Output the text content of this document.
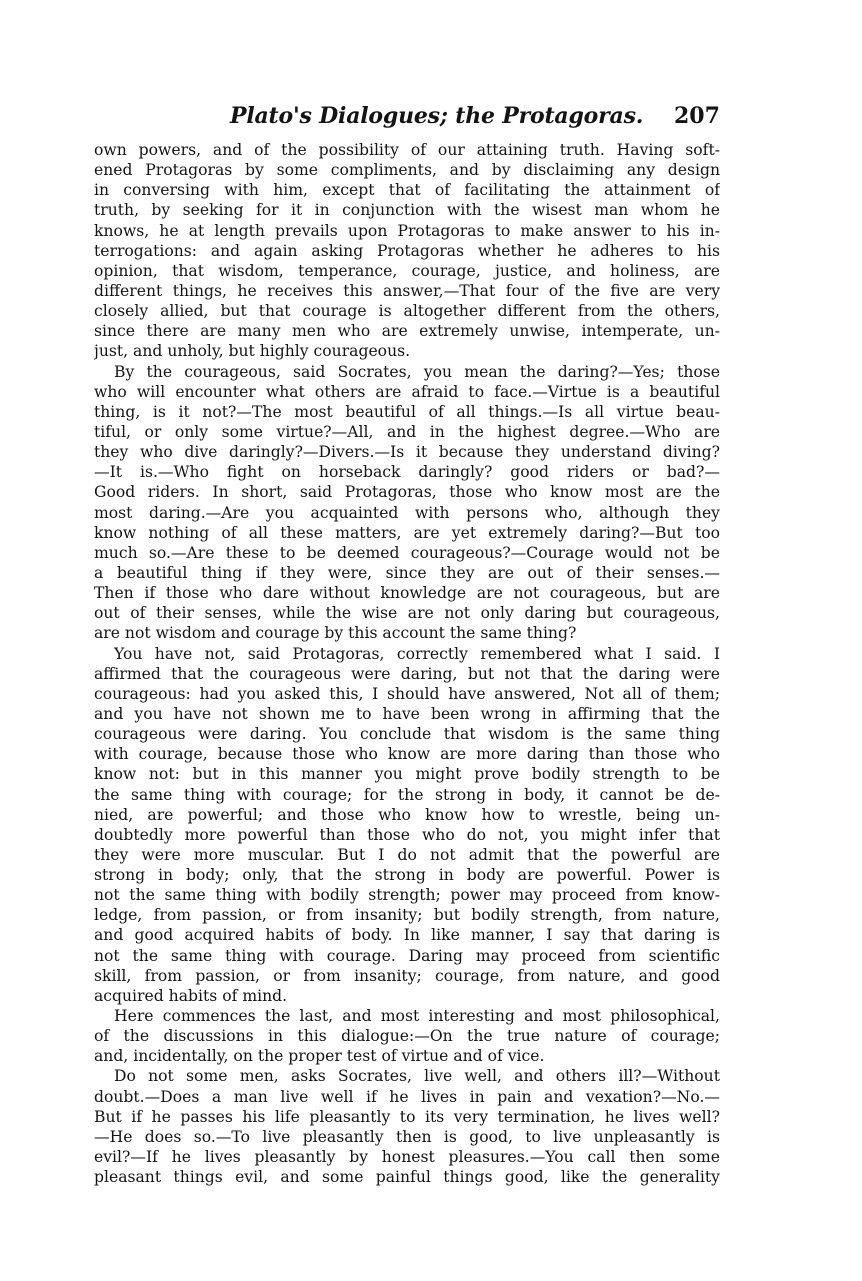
Plato's Dialogues; the Protagoras. 207
own powers, and of the possibility of our attaining truth. Having soft-
ened Protagoras by some compliments, and by disclaiming any design
in conversing with him, except that of facilitating the attainment of
truth, by seeking for it in conjunction with the wisest man whom he
knows, he at length prevails upon Protagoras to make answer to his in-
terrogations: and again asking Protagoras whether he adheres to his
opinion, that wisdom, temperance, courage, justice, and holiness, are
different things, he receives this answer,—That four of the five are very
closely allied, but that courage is altogether different from the others,
since there are many men who are extremely unwise, intemperate, un-
just, and unholy, but highly courageous.
By the courageous, said Socrates, you mean the daring?—Yes; those
who will encounter what others are afraid to face.—Virtue is a beautiful
thing, is it not?—The most beautiful of all things.—Is all virtue beau-
tiful, or only some virtue?—All, and in the highest degree.—Who are
they who dive daringly?—Divers.—Is it because they understand diving?
—It is.—Who fight on horseback daringly? good riders or bad?—
Good riders. In short, said Protagoras, those who know most are the
most daring.—Are you acquainted with persons who, although they
know nothing of all these matters, are yet extremely daring?—But too
much so.—Are these to be deemed courageous?—Courage would not be
a beautiful thing if they were, since they are out of their senses.—
Then if those who dare without knowledge are not courageous, but are
out of their senses, while the wise are not only daring but courageous,
are not wisdom and courage by this account the same thing?
You have not, said Protagoras, correctly remembered what I said. I
affirmed that the courageous were daring, but not that the daring were
courageous: had you asked this, I should have answered, Not all of them;
and you have not shown me to have been wrong in affirming that the
courageous were daring. You conclude that wisdom is the same thing
with courage, because those who know are more daring than those who
know not: but in this manner you might prove bodily strength to be
the same thing with courage; for the strong in body, it cannot be de-
nied, are powerful; and those who know how to wrestle, being un-
doubtedly more powerful than those who do not, you might infer that
they were more muscular. But I do not admit that the powerful are
strong in body; only, that the strong in body are powerful. Power is
not the same thing with bodily strength; power may proceed from know-
ledge, from passion, or from insanity; but bodily strength, from nature,
and good acquired habits of body. In like manner, I say that daring is
not the same thing with courage. Daring may proceed from scientific
skill, from passion, or from insanity; courage, from nature, and good
acquired habits of mind.
Here commences the last, and most interesting and most philosophical,
of the discussions in this dialogue:—On the true nature of courage;
and, incidentally, on the proper test of virtue and of vice.
Do not some men, asks Socrates, live well, and others ill?—Without
doubt.—Does a man live well if he lives in pain and vexation?—No.—
But if he passes his life pleasantly to its very termination, he lives well?
—He does so.—To live pleasantly then is good, to live unpleasantly is
evil?—If he lives pleasantly by honest pleasures.—You call then some
pleasant things evil, and some painful things good, like the generality
